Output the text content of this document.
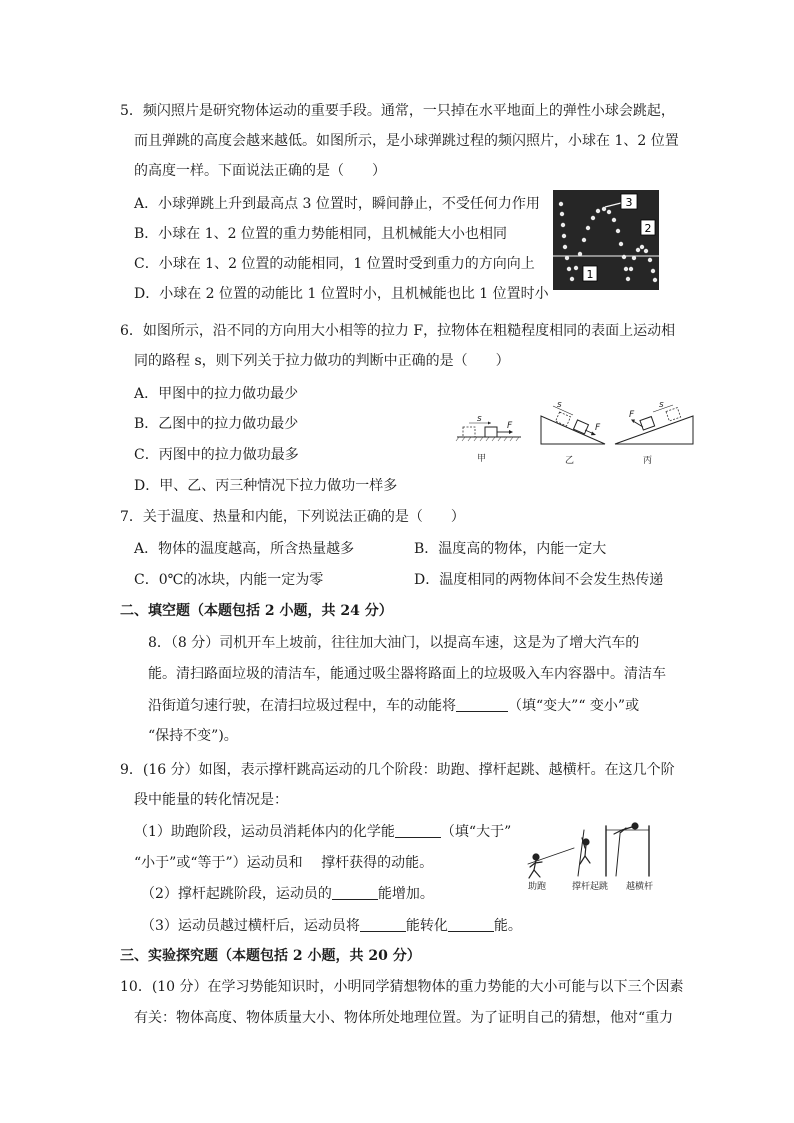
5．频闪照片是研究物体运动的重要手段。通常，一只掉在水平地面上的弹性小球会跳起，
而且弹跳的高度会越来越低。如图所示，是小球弹跳过程的频闪照片，小球在 1、2 位置
的高度一样。下面说法正确的是（　　）
A．小球弹跳上升到最高点 3 位置时，瞬间静止，不受任何力作用
B．小球在 1、2 位置的重力势能相同，且机械能大小也相同
C．小球在 1、2 位置的动能相同，1 位置时受到重力的方向向上
D．小球在 2 位置的动能比 1 位置时小，且机械能也比 1 位置时小
3
2
1
6．如图所示，沿不同的方向用大小相等的拉力 F，拉物体在粗糙程度相同的表面上运动相
同的路程 s，则下列关于拉力做功的判断中正确的是（　　）
A．甲图中的拉力做功最少
B．乙图中的拉力做功最少
C．丙图中的拉力做功最多
D．甲、乙、丙三种情况下拉力做功一样多
F
s
甲
F
s
乙
F
s
丙
7．关于温度、热量和内能，下列说法正确的是（　　）
A．物体的温度越高，所含热量越多	B．温度高的物体，内能一定大
C．0℃的冰块，内能一定为零	D．温度相同的两物体间不会发生热传递
二、填空题（本题包括 2 小题，共 24 分）
8．（8 分）司机开车上坡前，往往加大油门，以提高车速，这是为了增大汽车的
能。清扫路面垃圾的清洁车，能通过吸尘器将路面上的垃圾吸入车内容器中。清洁车
沿街道匀速行驶，在清扫垃圾过程中，车的动能将	（填“变大”“ 变小”或
“保持不变”)。
9．(16 分）如图，表示撑杆跳高运动的几个阶段：助跑、撑杆起跳、越横杆。在这几个阶
段中能量的转化情况是：
（1）助跑阶段，运动员消耗体内的化学能	（填“大于”
“小于”或“等于”）运动员和　 撑杆获得的动能。
（2）撑杆起跳阶段，运动员的	能增加。
（3）运动员越过横杆后，运动员将	能转化	能。
助跑	撑杆起跳 越横杆
三、实验探究题（本题包括 2 小题，共 20 分）
10．(10 分）在学习势能知识时，小明同学猜想物体的重力势能的大小可能与以下三个因素
有关：物体高度、物体质量大小、物体所处地理位置。为了证明自己的猜想，他对“重力
